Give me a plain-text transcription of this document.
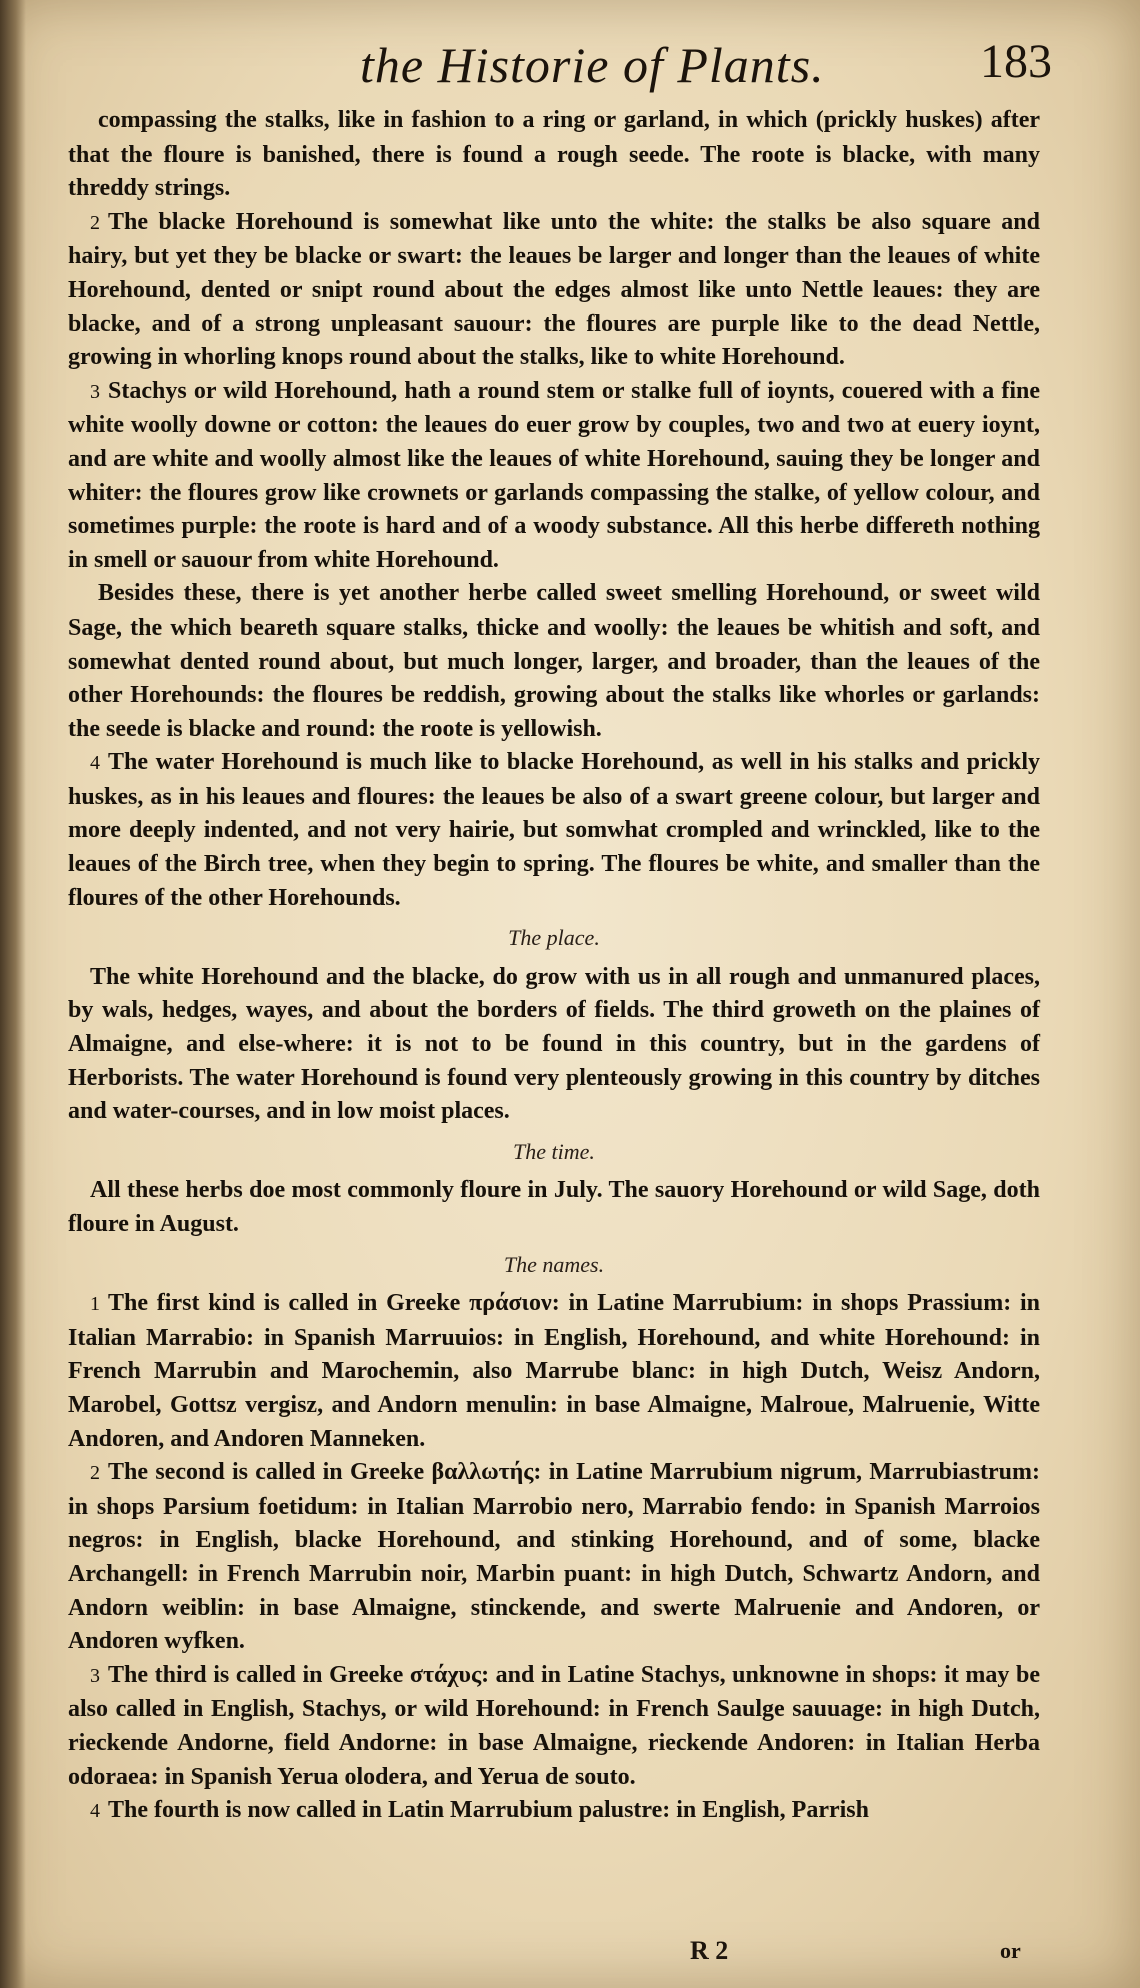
the Historie of Plants.	183

compassing the stalks, like in fashion to a ring or garland, in which (prickly huskes) after that the floure is banished, there is found a rough seede. The roote is blacke, with many threddy strings.

2 The blacke Horehound is somewhat like unto the white: the stalks be also square and hairy, but yet they be blacke or swart: the leaues be larger and longer than the leaues of white Horehound, dented or snipt round about the edges almost like unto Nettle leaues: they are blacke, and of a strong unpleasant sauour: the floures are purple like to the dead Nettle, growing in whorling knops round about the stalks, like to white Horehound.

3 Stachys or wild Horehound, hath a round stem or stalke full of ioynts, couered with a fine white woolly downe or cotton: the leaues do euer grow by couples, two and two at euery ioynt, and are white and woolly almost like the leaues of white Horehound, sauing they be longer and whiter: the floures grow like crownets or garlands compassing the stalke, of yellow colour, and sometimes purple: the roote is hard and of a woody substance. All this herbe differeth nothing in smell or sauour from white Horehound.

Besides these, there is yet another herbe called sweet smelling Horehound, or sweet wild Sage, the which beareth square stalks, thicke and woolly: the leaues be whitish and soft, and somewhat dented round about, but much longer, larger, and broader, than the leaues of the other Horehounds: the floures be reddish, growing about the stalks like whorles or garlands: the seede is blacke and round: the roote is yellowish.

4 The water Horehound is much like to blacke Horehound, as well in his stalks and prickly huskes, as in his leaues and floures: the leaues be also of a swart greene colour, but larger and more deeply indented, and not very hairie, but somwhat crompled and wrinckled, like to the leaues of the Birch tree, when they begin to spring. The floures be white, and smaller than the floures of the other Horehounds.

The place.

The white Horehound and the blacke, do grow with us in all rough and unmanured places, by wals, hedges, wayes, and about the borders of fields. The third groweth on the plaines of Almaigne, and else-where: it is not to be found in this country, but in the gardens of Herborists. The water Horehound is found very plenteously growing in this country by ditches and water-courses, and in low moist places.

The time.

All these herbs doe most commonly floure in July. The sauory Horehound or wild Sage, doth floure in August.

The names.

1 The first kind is called in Greeke πράσιον: in Latine Marrubium: in shops Prassium: in Italian Marrabio: in Spanish Marruuios: in English, Horehound, and white Horehound: in French Marrubin and Marochemin, also Marrube blanc: in high Dutch, Weisz Andorn, Marobel, Gottsz vergisz, and Andorn menulin: in base Almaigne, Malroue, Malruenie, Witte Andoren, and Andoren Manneken.

2 The second is called in Greeke βαλλωτής: in Latine Marrubium nigrum, Marrubiastrum: in shops Parsium foetidum: in Italian Marrobio nero, Marrabio fendo: in Spanish Marroios negros: in English, blacke Horehound, and stinking Horehound, and of some, blacke Archangell: in French Marrubin noir, Marbin puant: in high Dutch, Schwartz Andorn, and Andorn weiblin: in base Almaigne, stinckende, and swerte Malruenie and Andoren, or Andoren wyfken.

3 The third is called in Greeke στάχυς: and in Latine Stachys, unknowne in shops: it may be also called in English, Stachys, or wild Horehound: in French Saulge sauuage: in high Dutch, rieckende Andorne, field Andorne: in base Almaigne, rieckende Andoren: in Italian Herba odoraea: in Spanish Yerua olodera, and Yerua de souto.

4 The fourth is now called in Latin Marrubium palustre: in English, Parrish

R 2	or
